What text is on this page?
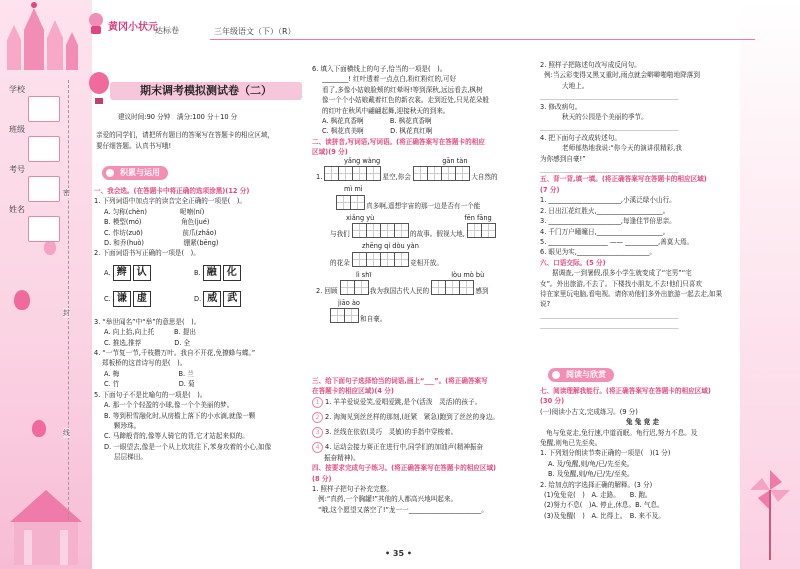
学校
班级
考号
姓名
密
封
线
黄冈小状元
达标卷	三年级语文（下）（R）
期末调考模拟测试卷（二）

建议时间:90 分钟　满分:100 分＋10 分

亲爱的同学们，请把所有题目的答案写在答题卡的相应区域，

要仔细答题。认真书写哦!

积累与运用

一、我会选。(在答题卡中将正确的选项涂黑)(12 分)

1. 下列词语中加点字的读音完全正确的一项是(　)。

A. 匀称(chèn)　　　　　呢喃(ní)

B. 模型(mó)　　　　　　角色(jué)

C. 作坊(zuō)　　　　　　前爪(zhǎo)

D. 和乔(huò)　　　　　　绷紧(bēng)

2. 下面词语书写正确的一项是(　)。

A. 辫 认	B. 融 化
C. 谦 虚	D. 威 武

3. “举世闻名”中“举”的意思是(　)。

A. 向上抬,向上托　　　B. 提出

C. 推选,推荐　　　　　D. 全

4. “一节复一节,千枝攒万叶。我自不开花,免撩蜂与蝶。”

郑板桥的这首诗写的是(　)。

A. 梅　　　　　　　　　B. 兰

C. 竹　　　　　　　　　D. 菊

5. 下面句子不是比喻句的一项是(　)。

A. 那一个个轻盈的小球,像一个个美丽的梦。

B. 等到积雪融化时,从房檐上落下的小水滴,就像一颗

颗珍珠。

C. 马蹄般青的,像等人骑它的背,它才站起来似的。

D. 一眼望去,像是一个从上坎坑往下,苯身攻着的小心,如像

层层梯田。

6. 填入下面横线上的句子,恰当的一项是(　)。

________! 红叶透着一点点白,粉红粉红的,可好

看了,多像小姑娘脸颊的红晕呀!等到深秋,远远看去,枫树

像一个个小姑娘戴着红色的新衣裳。走到近处,只见花朵般

的红叶在秋风中翩翩起舞,迎接秋天的到来。

A. 枫花真香啊　　　　B. 枫花真香啊

C. 枫花真美啊　　　　D. 枫花真红啊

二、读拼音,写词语,写词语。(将正确答案写在答题卡的相应

区域)(9 分)

yǎng wàng	gān tàn

1.	星空,你会	大自然的

mì mì

真多啊,遥想宇宙的那一边是否有一个能

xiǎng yù	fēn fāng

与我们	的故事。假视大地,

zhēng qí dòu yàn

的花朵	竞相开放。

lì shī	lòu mò bù

2. 回顾	,我为我国古代人民的	感到

jiāo ào

和自豪。

三、给下面句子选择恰当的词语,画上“___”。(将正确答案写

在答题卡的相应区域)(4 分)

1 1. 羊羊爱说爱笑,爱唱爱跳,是个(活泼　灵活)的孩子。

2 2. 淘淘见到丝丝样的那刻,(赶紧　紧急)跑到了丝丝的身边。

3 3. 丝线在依依(灵巧　灵敏)的手指中穿梭着。

4 4. 运动会接力赛正在进行中,同学们的加油声(精神振奋

振奋精神)。

四、按要求完成句子练习。(将正确答案写在答题卡的相应区域)

(8 分)

1. 照样子把句子补充完整。

例:“真药,一个胸罐!”其他的人都高兴地叫起来。

“哦,这个愿望又落空了!”龙一一______________________。

2. 照样子把陈述句改写成反问句。

例:当云彩变得又黑又重时,雨点就会噼噼啪啪地降落到

大地上。

__________________________________________

3. 修改病句。

秋天的公园是个美丽的季节。

__________________________________________

4. 把下面句子改成转述句。

老师郁热地我说:“你今天的演讲很精彩,我

为你感到自豪!”

__________________________________________

五、背一背,填一填。(将正确答案写在答题卡的相应区域)

(7 分)

1. ______________________,小溪泛绿小山行。

2. 日出江花红胜火,____________________。

3. ______________________,每逢佳节倍思亲。

4. 千门万户曈曈日,____________________。

5. __________________ —— __________,善莫大焉。

6. 眼见为实,______________________。

六、口语交际。(5 分)

据调查,一到暑假,很多小学生就变成了“宅男”“宅

女”。外出旅游,不去了。下楼找小朋友,不去!他们只喜欢

待在家里玩电脑,看电视。请你劝他们多外出旅游一起去走,如果

说?

__________________________________________

__________________________________________

阅读与欣赏

七、阅读理解我能行。(将正确答案写在答题卡的相应区域)

(30 分)

(一)阅读小古文,完成练习。(9 分)

兔 兔 竞 走

龟与兔竞走,兔行速,中道而眠。龟行迟,努力不息。及

兔醒,则龟已先至矣。

1. 下列划分朗读节奏正确的一项是(　)(1 分)

A. 及/兔醒,则/龟/已/先至矣。

B. 及兔醒,则/龟/已/先/至矣。

2. 给加点的字选择正确的解释。(3 分)

(1)兔兔竞(　)　A. 走路。　　B. 跑。

(2)努力不息(　)A. 停止,休息。B. 气息。

(3)及兔醒(　)　A. 比得上。　B. 来不及。

• 35 •
